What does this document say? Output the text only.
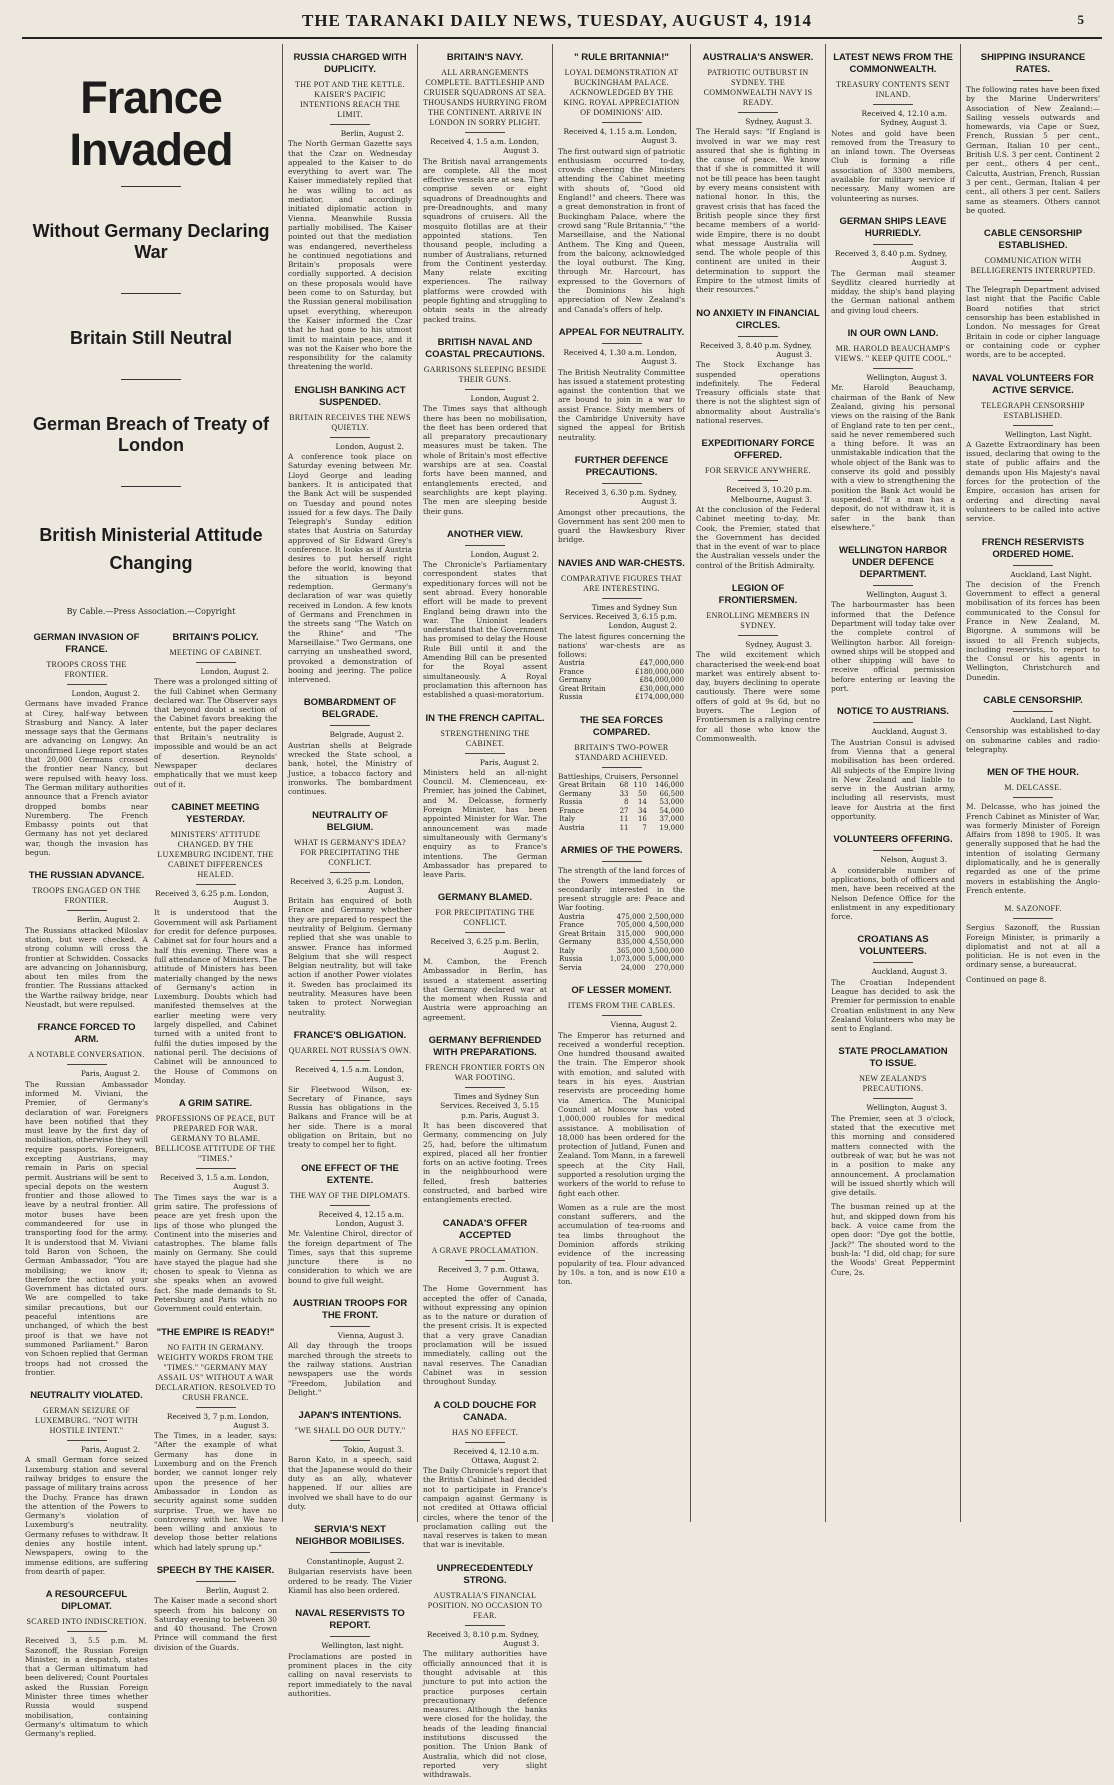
THE TARANAKI DAILY NEWS, TUESDAY, AUGUST 4, 1914	5
France Invaded
Without Germany Declaring War
Britain Still Neutral
German Breach of Treaty of London
British Ministerial Attitude Changing
By Cable.—Press Association.—Copyright
GERMAN INVASION OF FRANCE.
TROOPS CROSS THE FRONTIER.
London, August 2.

Germans have invaded France at Cirey, half-way between Strasburg and Nancy. A later message says that the Germans are advancing on Longwy. An unconfirmed Liege report states that 20,000 Germans crossed the frontier near Nancy, but were repulsed with heavy loss. The German military authorities announce that a French aviator dropped bombs near Nuremberg. The French Embassy points out that Germany has not yet declared war, though the invasion has begun.

THE RUSSIAN ADVANCE.
TROOPS ENGAGED ON THE FRONTIER.
Berlin, August 2.

The Russians attacked Miloslav station, but were checked. A strong column will cross the frontier at Schwidden. Cossacks are advancing on Johannisburg, about ten miles from the frontier. The Russians attacked the Warthe railway bridge, near Neustadt, but were repulsed.

FRANCE FORCED TO ARM.
A NOTABLE CONVERSATION.
Paris, August 2.

The Russian Ambassador informed M. Viviani, the Premier, of Germany's declaration of war. Foreigners have been notified that they must leave by the first day of mobilisation, otherwise they will require passports. Foreigners, excepting Austrians, may remain in Paris on special permit. Austrians will be sent to special depots on the western frontier and those allowed to leave by a neutral frontier. All motor buses have been commandeered for use in transporting food for the army. It is understood that M. Viviani told Baron von Schoen, the German Ambassador, "You are mobilising; we know it; therefore the action of your Government has dictated ours. We are compelled to take similar precautions, but our peaceful intentions are unchanged, of which the best proof is that we have not summoned Parliament." Baron von Schoen replied that German troops had not crossed the frontier.

NEUTRALITY VIOLATED.
GERMAN SEIZURE OF LUXEMBURG. "NOT WITH HOSTILE INTENT."
Paris, August 2.

A small German force seized Luxemburg station and several railway bridges to ensure the passage of military trains across the Duchy. France has drawn the attention of the Powers to Germany's violation of Luxemburg's neutrality. Germany refuses to withdraw. It denies any hostile intent. Newspapers, owing to the immense editions, are suffering from dearth of paper.

A RESOURCEFUL DIPLOMAT.
SCARED INTO INDISCRETION.

Received 3, 5.5 p.m. M. Sazonoff, the Russian Foreign Minister, in a despatch, states that a German ultimatum had been delivered; Count Pourtales asked the Russian Foreign Minister three times whether Russia would suspend mobilisation, containing Germany's ultimatum to which Germany's replied.

BRITAIN'S POLICY.
MEETING OF CABINET.
London, August 2.

There was a prolonged sitting of the full Cabinet when Germany declared war. The Observer says that beyond doubt a section of the Cabinet favors breaking the entente, but the paper declares that Britain's neutrality is impossible and would be an act of desertion. Reynolds' Newspaper declares emphatically that we must keep out of it.

CABINET MEETING YESTERDAY.
MINISTERS' ATTITUDE CHANGED. BY THE LUXEMBURG INCIDENT. THE CABINET DIFFERENCES HEALED.
Received 3, 6.25 p.m. London, August 3.

It is understood that the Government will ask Parliament for credit for defence purposes. Cabinet sat for four hours and a half this evening. There was a full attendance of Ministers. The attitude of Ministers has been materially changed by the news of Germany's action in Luxemburg. Doubts which had manifested themselves at the earlier meeting were very largely dispelled, and Cabinet turned with a united front to fulfil the duties imposed by the national peril. The decisions of Cabinet will be announced to the House of Commons on Monday.

A GRIM SATIRE.
PROFESSIONS OF PEACE, BUT PREPARED FOR WAR. GERMANY TO BLAME. BELLICOSE ATTITUDE OF THE "TIMES."
Received 3, 1.5 a.m. London, August 3.

The Times says the war is a grim satire. The professions of peace are yet fresh upon the lips of those who plunged the Continent into the miseries and catastrophes. The blame falls mainly on Germany. She could have stayed the plague had she chosen to speak to Vienna as she speaks when an avowed fact. She made demands to St. Petersburg and Paris which no Government could entertain.

"THE EMPIRE IS READY!"
NO FAITH IN GERMANY. WEIGHTY WORDS FROM THE "TIMES." "GERMANY MAY ASSAIL US" WITHOUT A WAR DECLARATION. RESOLVED TO CRUSH FRANCE.
Received 3, 7 p.m. London, August 3.

The Times, in a leader, says: "After the example of what Germany has done in Luxemburg and on the French border, we cannot longer rely upon the presence of her Ambassador in London as security against some sudden surprise. True, we have no controversy with her. We have been willing and anxious to develop those better relations which had lately sprung up."

SPEECH BY THE KAISER.
Berlin, August 2.

The Kaiser made a second short speech from his balcony on Saturday evening to between 30 and 40 thousand. The Crown Prince will command the first division of the Guards.

RUSSIA CHARGED WITH DUPLICITY.
THE POT AND THE KETTLE. KAISER'S PACIFIC INTENTIONS REACH THE LIMIT.
Berlin, August 2.

The North German Gazette says that the Czar on Wednesday appealed to the Kaiser to do everything to avert war. The Kaiser immediately replied that he was willing to act as mediator, and accordingly initiated diplomatic action in Vienna. Meanwhile Russia partially mobilised. The Kaiser pointed out that the mediation was endangered, nevertheless he continued negotiations and Britain's proposals were cordially supported. A decision on these proposals would have been come to on Saturday, but the Russian general mobilisation upset everything, whereupon the Kaiser informed the Czar that he had gone to his utmost limit to maintain peace, and it was not the Kaiser who bore the responsibility for the calamity threatening the world.

ENGLISH BANKING ACT SUSPENDED.
BRITAIN RECEIVES THE NEWS QUIETLY.
London, August 2.

A conference took place on Saturday evening between Mr. Lloyd George and leading bankers. It is anticipated that the Bank Act will be suspended on Tuesday and pound notes issued for a few days. The Daily Telegraph's Sunday edition states that Austria on Saturday approved of Sir Edward Grey's conference. It looks as if Austria desires to put herself right before the world, knowing that the situation is beyond redemption. Germany's declaration of war was quietly received in London. A few knots of Germans and Frenchmen in the streets sang "The Watch on the Rhine" and "The Marseillaise." Two Germans, one carrying an unsheathed sword, provoked a demonstration of booing and jeering. The police intervened.

BOMBARDMENT OF BELGRADE.
Belgrade, August 2.

Austrian shells at Belgrade wrecked the State school, a bank, hotel, the Ministry of Justice, a tobacco factory and ironworks. The bombardment continues.

NEUTRALITY OF BELGIUM.
WHAT IS GERMANY'S IDEA? FOR PRECIPITATING THE CONFLICT.
Received 3, 6.25 p.m. London, August 3.

Britain has enquired of both France and Germany whether they are prepared to respect the neutrality of Belgium. Germany replied that she was unable to answer. France has informed Belgium that she will respect Belgian neutrality, but will take action if another Power violates it. Sweden has proclaimed its neutrality. Measures have been taken to protect Norwegian neutrality.

FRANCE'S OBLIGATION.
QUARREL NOT RUSSIA'S OWN.
Received 4, 1.5 a.m. London, August 3.

Sir Fleetwood Wilson, ex-Secretary of Finance, says Russia has obligations in the Balkans and France will be at her side. There is a moral obligation on Britain, but no treaty to compel her to fight.

ONE EFFECT OF THE EXTENTE.
THE WAY OF THE DIPLOMATS.
Received 4, 12.15 a.m. London, August 3.

Mr. Valentine Chirol, director of the foreign department of The Times, says that this supreme juncture there is no consideration to which we are bound to give full weight.

AUSTRIAN TROOPS FOR THE FRONT.
Vienna, August 3.

All day through the troops marched through the streets to the railway stations. Austrian newspapers use the words "Freedom, Jubilation and Delight."

JAPAN'S INTENTIONS.
"WE SHALL DO OUR DUTY."
Tokio, August 3.

Baron Kato, in a speech, said that the Japanese would do their duty as an ally, whatever happened. If our allies are involved we shall have to do our duty.

SERVIA'S NEXT NEIGHBOR MOBILISES.
Constantinople, August 2.

Bulgarian reservists have been ordered to be ready. The Vizier Kiamil has also been ordered.

NAVAL RESERVISTS TO REPORT.
Wellington, last night.

Proclamations are posted in prominent places in the city calling on naval reservists to report immediately to the naval authorities.

BRITAIN'S NAVY.
ALL ARRANGEMENTS COMPLETE. BATTLESHIP AND CRUISER SQUADRONS AT SEA. THOUSANDS HURRYING FROM THE CONTINENT. ARRIVE IN LONDON IN SORRY PLIGHT.
Received 4, 1.5 a.m. London, August 3.

The British naval arrangements are complete. All the most effective vessels are at sea. They comprise seven or eight squadrons of Dreadnoughts and pre-Dreadnoughts, and many squadrons of cruisers. All the mosquito flotillas are at their appointed stations. Ten thousand people, including a number of Australians, returned from the Continent yesterday. Many relate exciting experiences. The railway platforms were crowded with people fighting and struggling to obtain seats in the already packed trains.

BRITISH NAVAL AND COASTAL PRECAUTIONS.
GARRISONS SLEEPING BESIDE THEIR GUNS.
London, August 2.

The Times says that although there has been no mobilisation, the fleet has been ordered that all preparatory precautionary measures must be taken. The whole of Britain's most effective warships are at sea. Coastal forts have been manned, and entanglements erected, and searchlights are kept playing. The men are sleeping beside their guns.

ANOTHER VIEW.
London, August 2.

The Chronicle's Parliamentary correspondent states that expeditionary forces will not be sent abroad. Every honorable effort will be made to prevent England being drawn into the war. The Unionist leaders understand that the Government has promised to delay the House Rule Bill until it and the Amending Bill can be presented for the Royal assent simultaneously. A Royal proclamation this afternoon has established a quasi-moratorium.

IN THE FRENCH CAPITAL.
STRENGTHENING THE CABINET.
Paris, August 2.

Ministers held an all-night Council. M. Clemenceau, ex-Premier, has joined the Cabinet, and M. Delcasse, formerly Foreign Minister, has been appointed Minister for War. The announcement was made simultaneously with Germany's enquiry as to France's intentions. The German Ambassador has prepared to leave Paris.

GERMANY BLAMED.
FOR PRECIPITATING THE CONFLICT.
Received 3, 6.25 p.m. Berlin, August 2.

M. Cambon, the French Ambassador in Berlin, has issued a statement asserting that Germany declared war at the moment when Russia and Austria were approaching an agreement.

GERMANY BEFRIENDED WITH PREPARATIONS.
FRENCH FRONTIER FORTS ON WAR FOOTING.
Times and Sydney Sun Services. Received 3, 5.15 p.m. Paris, August 3.

It has been discovered that Germany, commencing on July 25, had, before the ultimatum expired, placed all her frontier forts on an active footing. Trees in the neighbourhood were felled, fresh batteries constructed, and barbed wire entanglements erected.

CANADA'S OFFER ACCEPTED
A GRAVE PROCLAMATION.
Received 3, 7 p.m. Ottawa, August 3.

The Home Government has accepted the offer of Canada, without expressing any opinion as to the nature or duration of the present crisis. It is expected that a very grave Canadian proclamation will be issued immediately, calling out the naval reserves. The Canadian Cabinet was in session throughout Sunday.

A COLD DOUCHE FOR CANADA.
HAS NO EFFECT.
Received 4, 12.10 a.m. Ottawa, August 2.

The Daily Chronicle's report that the British Cabinet had decided not to participate in France's campaign against Germany is not credited at Ottawa official circles, where the tenor of the proclamation calling out the naval reserves is taken to mean that war is inevitable.

UNPRECEDENTEDLY STRONG.
AUSTRALIA'S FINANCIAL POSITION. NO OCCASION TO FEAR.
Received 3, 8.10 p.m. Sydney, August 3.

The military authorities have officially announced that it is thought advisable at this juncture to put into action the practice purposes certain precautionary defence measures. Although the banks were closed for the holiday, the heads of the leading financial institutions discussed the position. The Union Bank of Australia, which did not close, reported very slight withdrawals.

" RULE BRITANNIA!"
LOYAL DEMONSTRATION AT BUCKINGHAM PALACE. ACKNOWLEDGED BY THE KING. ROYAL APPRECIATION OF DOMINIONS' AID.
Received 4, 1.15 a.m. London, August 3.

The first outward sign of patriotic enthusiasm occurred to-day, crowds cheering the Ministers attending the Cabinet meeting with shouts of, "Good old England!" and cheers. There was a great demonstration in front of Buckingham Palace, where the crowd sang "Rule Britannia," "the Marseillaise, and the National Anthem. The King and Queen, from the balcony, acknowledged the loyal outburst. The King, through Mr. Harcourt, has expressed to the Governors of the Dominions his high appreciation of New Zealand's and Canada's offers of help.

APPEAL FOR NEUTRALITY.
Received 4, 1.30 a.m. London, August 3.

The British Neutrality Committee has issued a statement protesting against the contention that we are bound to join in a war to assist France. Sixty members of the Cambridge University have signed the appeal for British neutrality.

FURTHER DEFENCE PRECAUTIONS.
Received 3, 6.30 p.m. Sydney, August 3.

Amongst other precautions, the Government has sent 200 men to guard the Hawkesbury River bridge.

NAVIES AND WAR-CHESTS.
COMPARATIVE FIGURES THAT ARE INTERESTING.
Times and Sydney Sun Services. Received 3, 6.15 p.m. London, August 2.

The latest figures concerning the nations' war-chests are as follows:

Austria	£47,000,000
France	£180,000,000
Germany	£84,000,000
Great Britain	£30,000,000
Russia	£174,000,000
THE SEA FORCES COMPARED.
BRITAIN'S TWO-POWER STANDARD ACHIEVED.

Battleships, Cruisers, Personnel

Great Britain	68	110	146,000
Germany	33	50	66,500
Russia	8	14	53,000
France	27	34	54,000
Italy	11	16	37,000
Austria	11	7	19,000
ARMIES OF THE POWERS.

The strength of the land forces of the Powers immediately or secondarily interested in the present struggle are: Peace and War footing.

Austria	475,000	2,500,000
France	705,000	4,500,000
Great Britain	315,000	900,000
Germany	835,000	4,550,000
Italy	365,000	3,500,000
Russia	1,073,000	5,000,000
Servia	24,000	270,000
OF LESSER MOMENT.
ITEMS FROM THE CABLES.
Vienna, August 2.

The Emperor has returned and received a wonderful reception. One hundred thousand awaited the train. The Emperor shook with emotion, and saluted with tears in his eyes. Austrian reservists are proceeding home via America. The Municipal Council at Moscow has voted 1,000,000 roubles for medical assistance. A mobilisation of 18,000 has been ordered for the protection of Jutland, Funen and Zealand. Tom Mann, in a farewell speech at the City Hall, supported a resolution urging the workers of the world to refuse to fight each other.

Women as a rule are the most constant sufferers, and the accumulation of tea-rooms and tea limbs throughout the Dominion affords striking evidence of the increasing popularity of tea. Flour advanced by 10s. a ton, and is now £10 a ton.

AUSTRALIA'S ANSWER.
PATRIOTIC OUTBURST IN SYDNEY. THE COMMONWEALTH NAVY IS READY.
Sydney, August 3.

The Herald says: "If England is involved in war we may rest assured that she is fighting in the cause of peace. We know that if she is committed it will not be till peace has been taught by every means consistent with national honor. In this, the gravest crisis that has faced the British people since they first became members of a world-wide Empire, there is no doubt what message Australia will send. The whole people of this continent are united in their determination to support the Empire to the utmost limits of their resources."

NO ANXIETY IN FINANCIAL CIRCLES.
Received 3, 8.40 p.m. Sydney, August 3.

The Stock Exchange has suspended operations indefinitely. The Federal Treasury officials state that there is not the slightest sign of abnormality about Australia's national reserves.

EXPEDITIONARY FORCE OFFERED.
FOR SERVICE ANYWHERE.
Received 3, 10.20 p.m. Melbourne, August 3.

At the conclusion of the Federal Cabinet meeting to-day, Mr. Cook, the Premier, stated that the Government has decided that in the event of war to place the Australian vessels under the control of the British Admiralty.

LEGION OF FRONTIERSMEN.
ENROLLING MEMBERS IN SYDNEY.
Sydney, August 3.

The wild excitement which characterised the week-end boat market was entirely absent to-day, buyers declining to operate cautiously. There were some offers of gold at 9s 6d, but no buyers. The Legion of Frontiersmen is a rallying centre for all those who know the Commonwealth.

LATEST NEWS FROM THE COMMONWEALTH.
TREASURY CONTENTS SENT INLAND.
Received 4, 12.10 a.m. Sydney, August 3.

Notes and gold have been removed from the Treasury to an inland town. The Overseas Club is forming a rifle association of 3300 members, available for military service if necessary. Many women are volunteering as nurses.

GERMAN SHIPS LEAVE HURRIEDLY.
Received 3, 8.40 p.m. Sydney, August 3.

The German mail steamer Seydlitz cleared hurriedly at midday, the ship's band playing the German national anthem and giving loud cheers.

IN OUR OWN LAND.
MR. HAROLD BEAUCHAMP'S VIEWS. " KEEP QUITE COOL."
Wellington, August 3.

Mr. Harold Beauchamp, chairman of the Bank of New Zealand, giving his personal views on the raising of the Bank of England rate to ten per cent., said he never remembered such a thing before. It was an unmistakable indication that the whole object of the Bank was to conserve its gold and possibly with a view to strengthening the position the Bank Act would be suspended. "If a man has a deposit, do not withdraw it, it is safer in the bank than elsewhere."

WELLINGTON HARBOR UNDER DEFENCE DEPARTMENT.
Wellington, August 3.

The harbourmaster has been informed that the Defence Department will today take over the complete control of Wellington harbor. All foreign-owned ships will be stopped and other shipping will have to receive official permission before entering or leaving the port.

NOTICE TO AUSTRIANS.
Auckland, August 3.

The Austrian Consul is advised from Vienna that a general mobilisation has been ordered. All subjects of the Empire living in New Zealand and liable to serve in the Austrian army, including all reservists, must leave for Austria at the first opportunity.

VOLUNTEERS OFFERING.
Nelson, August 3.

A considerable number of applications, both of officers and men, have been received at the Nelson Defence Office for the enlistment in any expeditionary force.

CROATIANS AS VOLUNTEERS.
Auckland, August 3.

The Croatian Independent League has decided to ask the Premier for permission to enable Croatian enlistment in any New Zealand Volunteers who may be sent to England.

STATE PROCLAMATION TO ISSUE.
NEW ZEALAND'S PRECAUTIONS.
Wellington, August 3.

The Premier, seen at 3 o'clock, stated that the executive met this morning and considered matters connected with the outbreak of war, but he was not in a position to make any announcement. A proclamation will be issued shortly which will give details.

The busman reined up at the hut, and skipped down from his back. A voice came from the open door: "Dye got the bottle, Jack?" The shouted word to the bush-la: "I did, old chap; for sure the Woods' Great Peppermint Cure, 2s.

SHIPPING INSURANCE RATES.

The following rates have been fixed by the Marine Underwriters' Association of New Zealand:—Sailing vessels outwards and homewards, via Cape or Suez, French, Russian 5 per cent., German, Italian 10 per cent., British U.S. 3 per cent. Continent 2 per cent., others 4 per cent., Calcutta, Austrian, French, Russian 3 per cent., German, Italian 4 per cent., all others 3 per cent. Sailers same as steamers. Others cannot be quoted.

CABLE CENSORSHIP ESTABLISHED.
COMMUNICATION WITH BELLIGERENTS INTERRUPTED.

The Telegraph Department advised last night that the Pacific Cable Board notifies that strict censorship has been established in London. No messages for Great Britain in code or cipher language or containing code or cypher words, are to be accepted.

NAVAL VOLUNTEERS FOR ACTIVE SERVICE.
TELEGRAPH CENSORSHIP ESTABLISHED.
Wellington, Last Night.

A Gazette Extraordinary has been issued, declaring that owing to the state of public affairs and the demands upon His Majesty's naval forces for the protection of the Empire, occasion has arisen for ordering and directing naval volunteers to be called into active service.

FRENCH RESERVISTS ORDERED HOME.
Auckland, Last Night.

The decision of the French Government to effect a general mobilisation of its forces has been communicated to the Consul for France in New Zealand, M. Bigorgne. A summons will be issued to all French subjects, including reservists, to report to the Consul or his agents in Wellington, Christchurch and Dunedin.

CABLE CENSORSHIP.
Auckland, Last Night.

Censorship was established to-day on submarine cables and radio-telegraphy.

MEN OF THE HOUR.
M. DELCASSE.

M. Delcasse, who has joined the French Cabinet as Minister of War, was formerly Minister of Foreign Affairs from 1898 to 1905. It was generally supposed that he had the intention of isolating Germany diplomatically, and he is generally regarded as one of the prime movers in establishing the Anglo-French entente.

M. SAZONOFF.

Sergius Sazonoff, the Russian Foreign Minister, is primarily a diplomatist and not at all a politician. He is not even in the ordinary sense, a bureaucrat.

Continued on page 8.
